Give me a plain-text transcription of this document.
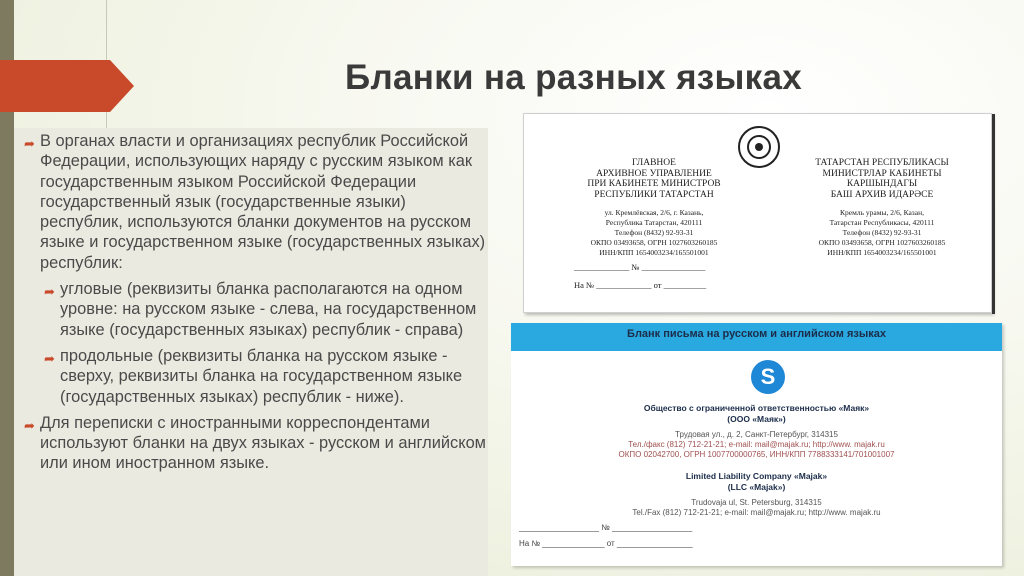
Бланки на разных языках
➦ В органах власти и организациях республик Российской Федерации, использующих наряду с русским языком как государственным языком Российской Федерации государственный язык (государственные языки) республик, используются бланки документов на русском языке и государственном языке (государственных языках) республик:
➦ угловые (реквизиты бланка располагаются на одном уровне: на русском языке - слева, на государственном языке (государственных языках) республик - справа)
➦ продольные (реквизиты бланка на русском языке - сверху, реквизиты бланка на государственном языке (государственных языках) республик - ниже).
➦ Для переписки с иностранными корреспондентами используют бланки на двух языках - русском и английском или ином иностранном языке.
ГЛАВНОЕ
АРХИВНОЕ УПРАВЛЕНИЕ
ПРИ КАБИНЕТЕ МИНИСТРОВ
РЕСПУБЛИКИ ТАТАРСТАН
ТАТАРСТАН РЕСПУБЛИКАСЫ
МИНИСТРЛАР КАБИНЕТЫ
КАРШЫНДАГЫ
БАШ АРХИВ ИДАРӘСЕ
ул. Кремлёвская, 2/6, г. Казань,
Республика Татарстан, 420111
Телефон (8432) 92-93-31
ОКПО 03493658, ОГРН 1027603260185
ИНН/КПП 1654003234/165501001
Кремль урамы, 2/6, Казан,
Татарстан Республикасы, 420111
Телефон (8432) 92-93-31
ОКПО 03493658, ОГРН 1027603260185
ИНН/КПП 1654003234/165501001
_____________ № _______________
На № _____________ от __________
Бланк письма на русском и английском языках
S
Общество с ограниченной ответственностью «Маяк»
(ООО «Маяк»)
Трудовая ул., д. 2, Санкт-Петербург, 314315
Тел./факс (812) 712-21-21; e-mail: mail@majak.ru; http://www. majak.ru
ОКПО 02042700, ОГРН 1007700000765, ИНН/КПП 7788333141/701001007
Limited Liability Company «Majak»
(LLC «Majak»)
Trudovaja ul, St. Petersburg, 314315
Tel./Fax (812) 712-21-21; e-mail: mail@majak.ru; http://www. majak.ru
__________________ № __________________
На № ______________ от _________________
